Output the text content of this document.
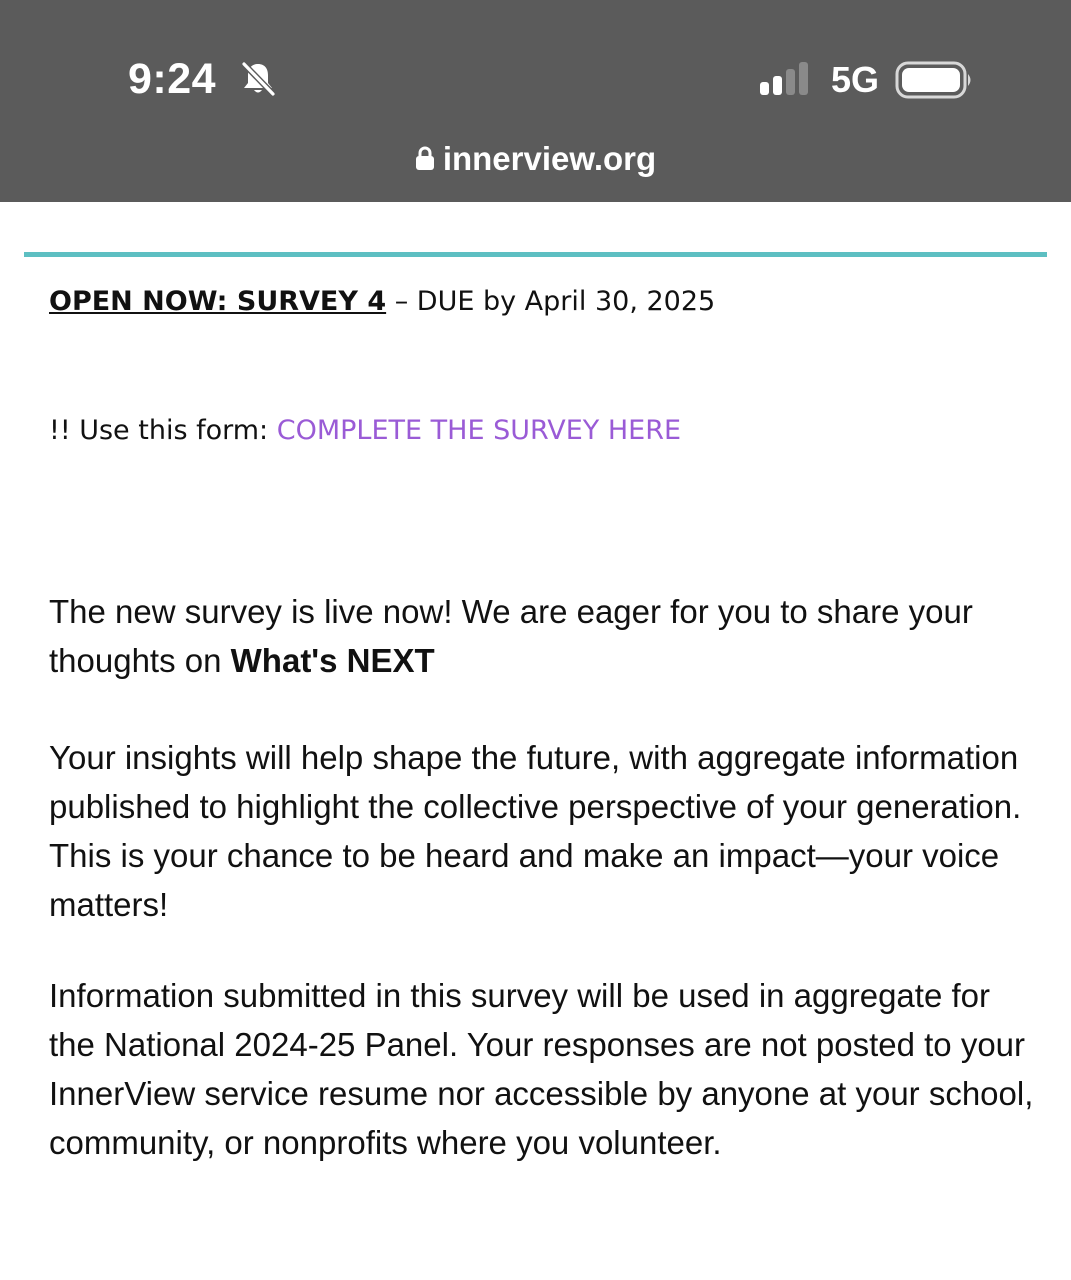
9:24	5G
innerview.org
OPEN NOW: SURVEY 4 – DUE by April 30, 2025
!! Use this form: COMPLETE THE SURVEY HERE

The new survey is live now! We are eager for you to share your thoughts on What's NEXT

Your insights will help shape the future, with aggregate information published to highlight the collective perspective of your generation. This is your chance to be heard and make an impact—your voice matters!

Information submitted in this survey will be used in aggregate for the National 2024-25 Panel. Your responses are not posted to your InnerView service resume nor accessible by anyone at your school, community, or nonprofits where you volunteer.
